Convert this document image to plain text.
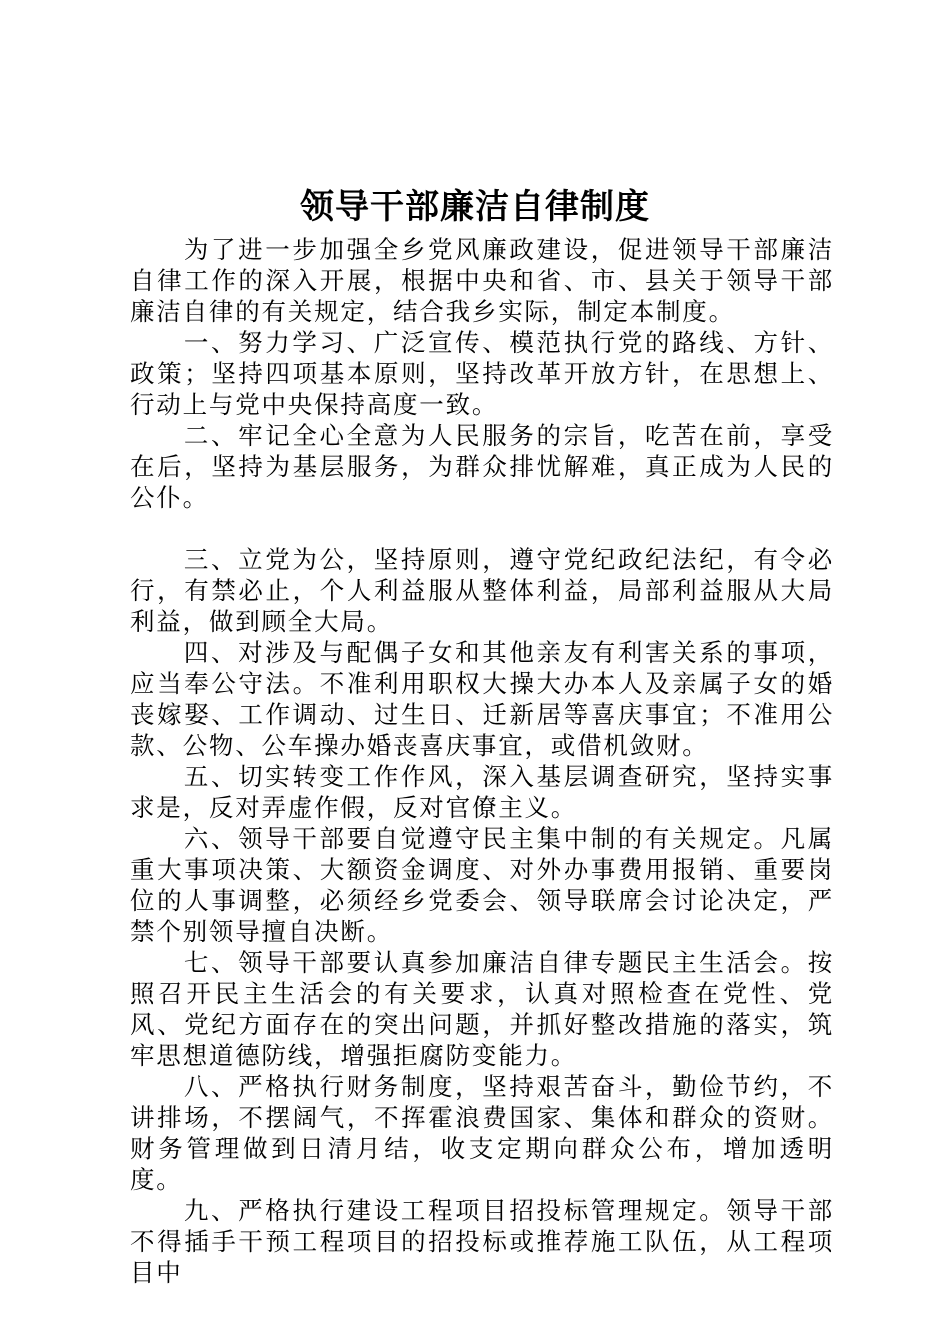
领导干部廉洁自律制度

为了进一步加强全乡党风廉政建设，促进领导干部廉洁自律工作的深入开展，根据中央和省、市、县关于领导干部廉洁自律的有关规定，结合我乡实际，制定本制度。

一、努力学习、广泛宣传、模范执行党的路线、方针、政策；坚持四项基本原则，坚持改革开放方针，在思想上、行动上与党中央保持高度一致。

二、牢记全心全意为人民服务的宗旨，吃苦在前，享受在后，坚持为基层服务，为群众排忧解难，真正成为人民的公仆。

三、立党为公，坚持原则，遵守党纪政纪法纪，有令必行，有禁必止，个人利益服从整体利益，局部利益服从大局利益，做到顾全大局。

四、对涉及与配偶子女和其他亲友有利害关系的事项，应当奉公守法。不准利用职权大操大办本人及亲属子女的婚丧嫁娶、工作调动、过生日、迁新居等喜庆事宜；不准用公款、公物、公车操办婚丧喜庆事宜，或借机敛财。

五、切实转变工作作风，深入基层调查研究，坚持实事求是，反对弄虚作假，反对官僚主义。

六、领导干部要自觉遵守民主集中制的有关规定。凡属重大事项决策、大额资金调度、对外办事费用报销、重要岗位的人事调整，必须经乡党委会、领导联席会讨论决定，严禁个别领导擅自决断。

七、领导干部要认真参加廉洁自律专题民主生活会。按照召开民主生活会的有关要求，认真对照检查在党性、党风、党纪方面存在的突出问题，并抓好整改措施的落实，筑牢思想道德防线，增强拒腐防变能力。

八、严格执行财务制度，坚持艰苦奋斗，勤俭节约，不讲排场，不摆阔气，不挥霍浪费国家、集体和群众的资财。财务管理做到日清月结，收支定期向群众公布，增加透明度。

九、严格执行建设工程项目招投标管理规定。领导干部不得插手干预工程项目的招投标或推荐施工队伍，从工程项目中
